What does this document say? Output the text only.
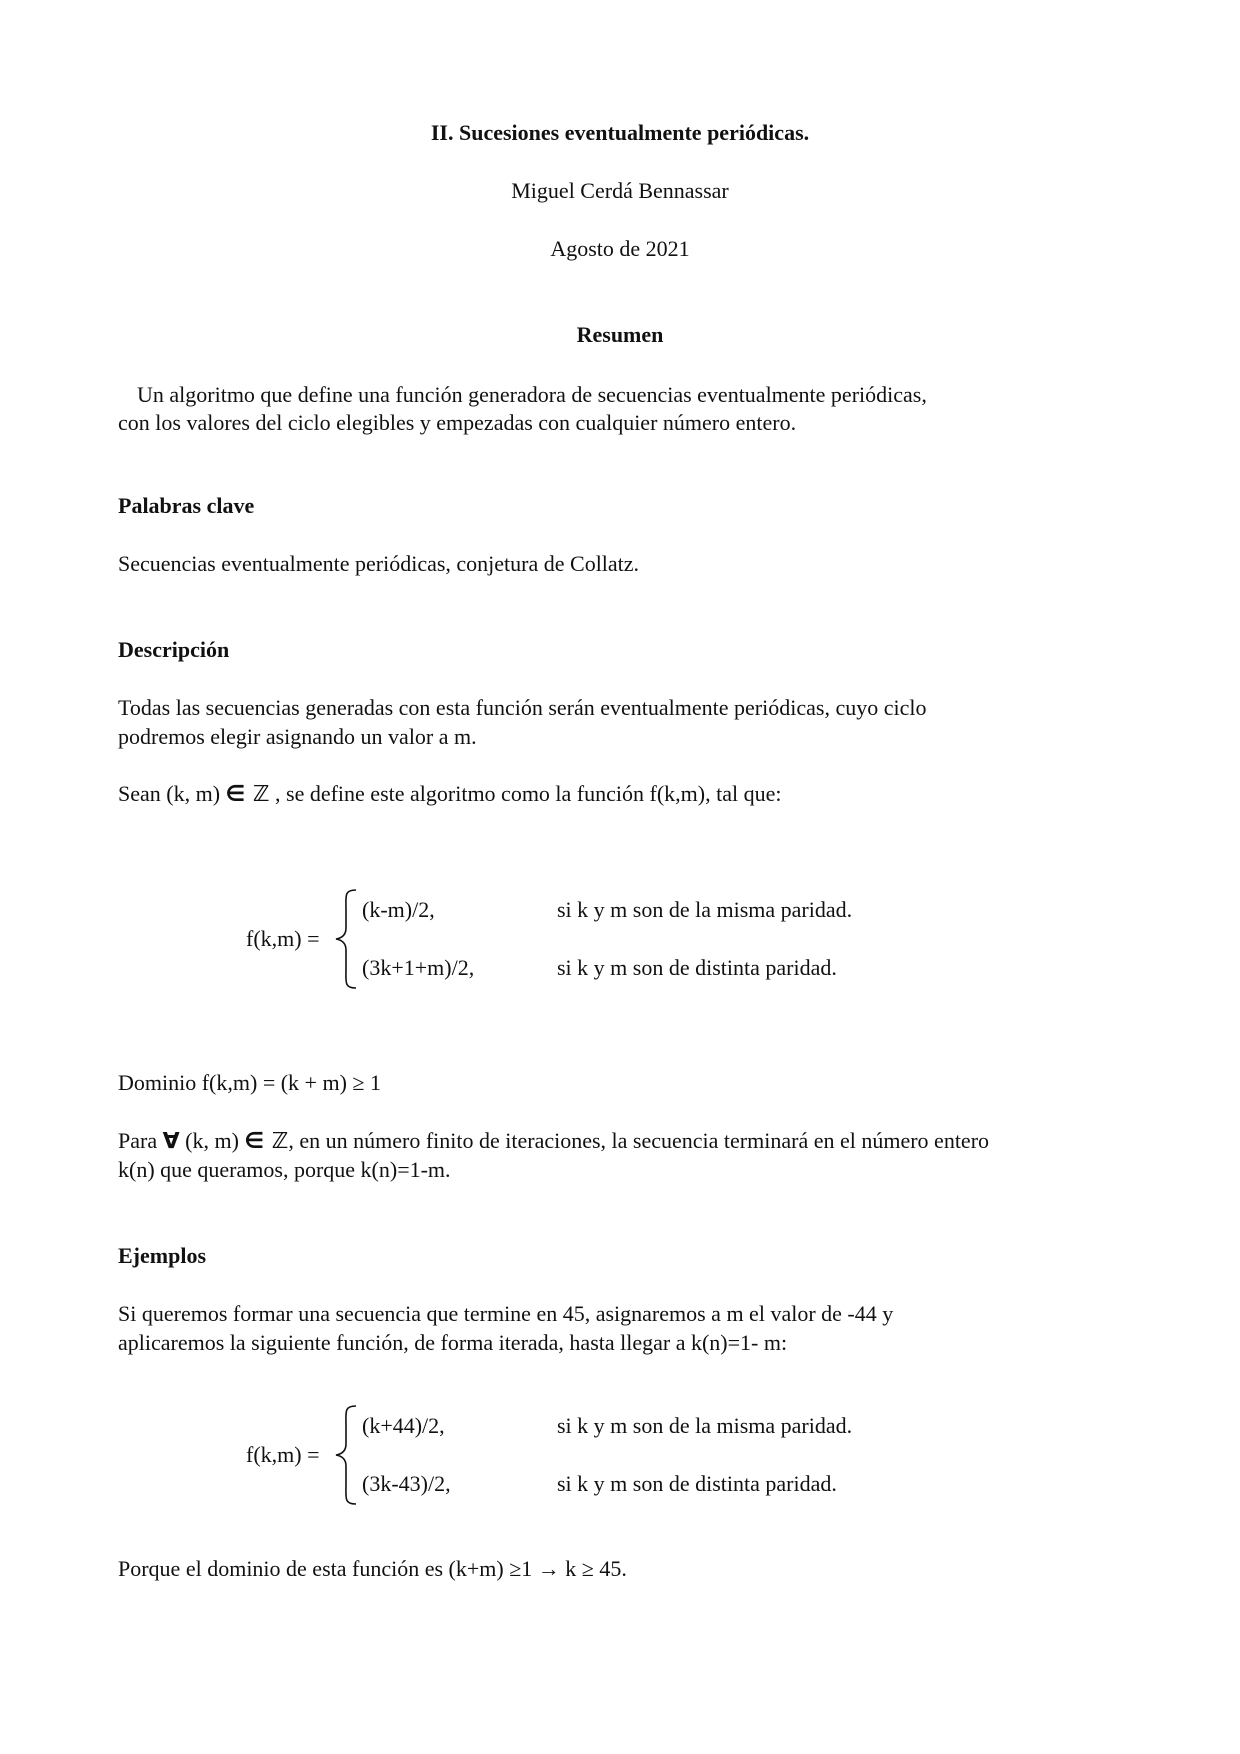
II. Sucesiones eventualmente periódicas.
Miguel Cerdá Bennassar
Agosto de 2021
Resumen
Un algoritmo que define una función generadora de secuencias eventualmente periódicas,
con los valores del ciclo elegibles y empezadas con cualquier número entero.
Palabras clave
Secuencias eventualmente periódicas, conjetura de Collatz.
Descripción
Todas las secuencias generadas con esta función serán eventualmente periódicas, cuyo ciclo
podremos elegir asignando un valor a m.
Sean (k, m) ∈ ℤ , se define este algoritmo como la función f(k,m), tal que:
f(k,m) =
(k-m)/2,	si k y m son de la misma paridad.
(3k+1+m)/2,	si k y m son de distinta paridad.
Dominio f(k,m) = (k + m) ≥ 1
Para ∀ (k, m) ∈ ℤ, en un número finito de iteraciones, la secuencia terminará en el número entero
k(n) que queramos, porque k(n)=1-m.
Ejemplos
Si queremos formar una secuencia que termine en 45, asignaremos a m el valor de -44 y
aplicaremos la siguiente función, de forma iterada, hasta llegar a k(n)=1- m:
f(k,m) =
(k+44)/2,	si k y m son de la misma paridad.
(3k-43)/2,	si k y m son de distinta paridad.
Porque el dominio de esta función es (k+m) ≥1 → k ≥ 45.
